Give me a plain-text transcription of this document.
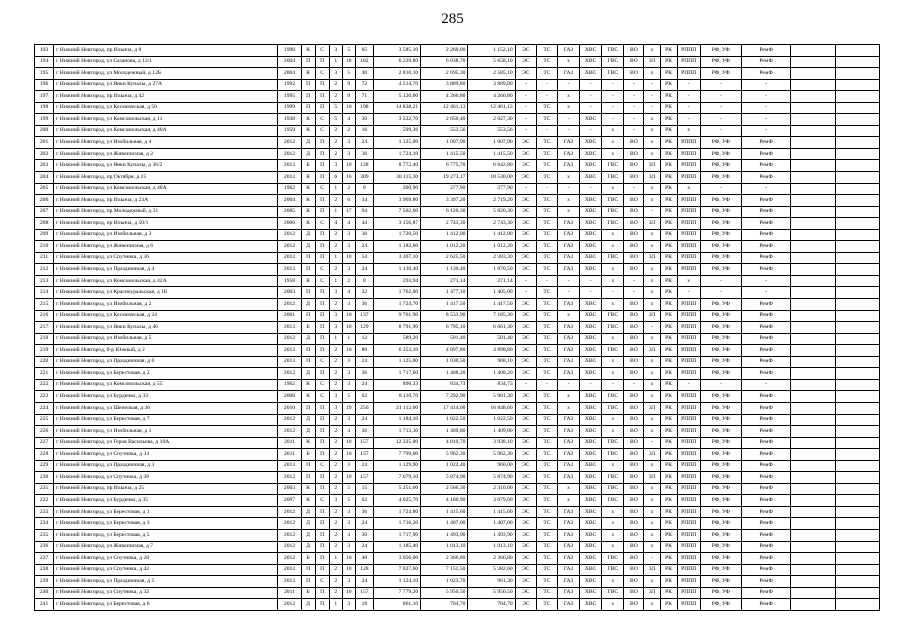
285
193	г Нижний Новгород, пр Ильича, д 8	1998	К	С	3	5	65	3 585,10	2 260,00	1 152,10	ЭС	ТС	ГАЗ	ХВС	ГВС	ВО	х	РК	РППП	РФ, УФ	РемФ		
194	г Нижний Новгород, ул Сазанова, д 13/1	2004	П	П	1	18	182	6 239,80	6 038,70	5 658,10	ЭС	ТС	х	ХВС	ГВС	ВО	ЗЛ	РК	РППП	РФ, УФ	РемФ		
195	г Нижний Новгород, ул Молодежный, д 12Б	2004	К	С	3	5	40	2 810,10	2 695,30	2 585,10	ЭС	ТС	ГАЗ	ХВС	ГВС	ВО	х	РК	РППП	РФ, УФ	РемФ		
196	г Нижний Новгород, ул Янки Купалы, д 27А	1992	П	П	2	9	72	4 514,70	3 889,80	3 889,80	-	-	-	-	-	-	-	РК	-	-	-		
197	г Нижний Новгород, пр Ильича, д 42	1995	П	П	2	9	71	5 126,00	4 266,80	4 266,80	-	-	х	-	-	-	-	РК	-	-	-		
198	г Нижний Новгород, ул Космическая, д 50	1999	П	П	5	10	198	14 838,21	12 461,13	12 461,13	-	ТС	х	-	-	-	-	РК	-	-	-		
199	г Нижний Новгород, ул Комсомольская, д 11	1938	К	С	5	4	30	3 222,70	2 650,40	2 027,30	-	ТС	-	ХВС	-	-	х	РК	-	-	-		
200	г Нижний Новгород, ул Комсомольская, д 40А	1959	К	С	2	2	16	599,36	553,56	553,56	-	-	-	-	х	-	х	РК	х	-	-		
201	г Нижний Новгород, ул Изобильная, д 4	2012	Д	П	2	3	24	1 125,00	1 007,90	1 007,90	ЭС	ТС	ГАЗ	ХВС	х	ВО	х	РК	РППП	РФ, УФ	РемФ		
202	г Нижний Новгород, ул Живописная, д 2	2012	Д	П	2	3	36	1 724,10	1 415,50	1 415,50	ЭС	ТС	ГАЗ	ХВС	х	ВО	х	РК	РППП	РФ, УФ	РемФ		
203	г Нижний Новгород, ул Янки Купалы, д 36/2	2013	Б	П	3	10	128	8 772,40	6 775,70	6 642,80	ЭС	ТС	ГАЗ	ХВС	ГВС	ВО	ЗЛ	РК	РППП	РФ, УФ	РемФ		
204	г Нижний Новгород, пр Октября, д 25	2012	К	П	6	16	309	30 115,30	19 273,17	18 530,00	ЭС	ТС	х	ХВС	ГВС	ВО	ЗЛ	РК	РППП	РФ, УФ	РемФ		
205	г Нижний Новгород, ул Комсомольская, д 40А	1962	К	С	1	2	8	300,90	277,90	277,90	-	-	-	-	х	-	х	РК	х	-	-		
206	г Нижний Новгород, пр Ильича, д 23А	2004	К	П	2	6	34	3 969,80	3 397,20	2 719,20	ЭС	ТС	х	ХВС	ГВС	ВО	х	РК	РППП	РФ, УФ	РемФ		
207	г Нижний Новгород, пр Молодежный, д 31	2005	К	П	1	17	94	7 502,60	6 120,30	5 820,30	ЭС	ТС	х	ХВС	ГВС	ВО	-	РК	РППП	РФ, УФ	РемФ		
208	г Нижний Новгород, пр Ильича, д 50/1	2006	К	С	4	4	44	3 156,87	2 743,30	2 743,30	ЭС	ТС	ГАЗ	ХВС	ГВС	ВО	ЗЛ	РК	РППП	РФ, УФ	РемФ		
209	г Нижний Новгород, ул Изобильная, д 3	2012	Д	П	2	3	36	1 720,50	1 412,00	1 412,00	ЭС	ТС	ГАЗ	ХВС	х	ВО	х	РК	РППП	РФ, УФ	РемФ		
210	г Нижний Новгород, ул Живописная, д 6	2012	Д	П	2	3	24	1 182,60	1 012,20	1 012,20	ЭС	ТС	ГАЗ	ХВС	х	ВО	х	РК	РППП	РФ, УФ	РемФ		
211	г Нижний Новгород, ул Спутника, д 36	2012	П	П	1	10	54	3 367,10	2 625,50	2 383,30	ЭС	ТС	ГАЗ	ХВС	ГВС	ВО	ЗЛ	РК	РППП	РФ, УФ	РемФ		
212	г Нижний Новгород, ул Праздничная, д 4	2013	П	С	2	3	24	1 130,40	1 130,40	1 070,50	ЭС	ТС	ГАЗ	ХВС	х	ВО	х	РК	РППП	РФ, УФ	РемФ		
213	г Нижний Новгород, ул Комсомольская, д 42А	1958	К	С	1	2	8	293,94	271,14	271,14	-	-	-	-	х	-	х	РК	х	-	-		
214	г Нижний Новгород, ул Красноуральская, д 1Б	2003	П	П	3	4	32	1 762,00	1 477,10	1 405,00	-	ТС	-	-	-	-	х	РК	-	-	-		
215	г Нижний Новгород, ул Изобильная, д 2	2012	Д	П	2	3	36	1 724,70	1 417,50	1 417,50	ЭС	ТС	ГАЗ	ХВС	х	ВО	х	РК	РППП	РФ, УФ	РемФ		
216	г Нижний Новгород, ул Космическая, д 24	2001	П	П	3	10	137	9 761,90	8 533,90	7 185,30	ЭС	ТС	х	ХВС	ГВС	ВО	ЗЛ	РК	РППП	РФ, УФ	РемФ		
217	г Нижний Новгород, ул Янки Купалы, д 46	2013	Б	П	3	10	129	8 791,90	6 795,10	6 661,30	ЭС	ТС	ГАЗ	ХВС	ГВС	ВО	-	РК	РППП	РФ, УФ	РемФ		
218	г Нижний Новгород, ул Изобильная, д 5	2012	Д	П	1	1	12	589,20	501,40	501,40	ЭС	ТС	ГАЗ	ХВС	х	ВО	х	РК	РППП	РФ, УФ	РемФ		
219	г Нижний Новгород, б-р Южный, д 2	2013	П	П	2	10	80	6 353,10	4 897,80	4 898,80	ЭС	ТС	ГАЗ	ХВС	ГВС	ВО	ЗЛ	РК	РППП	РФ, УФ	РемФ		
220	г Нижний Новгород, ул Праздничная, д 6	2013	П	С	2	3	24	1 125,00	1 030,50	968,10	ЭС	ТС	ГАЗ	ХВС	х	ВО	х	РК	РППП	РФ, УФ	РемФ		
221	г Нижний Новгород, ул Берестовая, д 2	2012	Д	П	2	3	36	1 717,60	1 408,20	1 408,20	ЭС	ТС	ГАЗ	ХВС	х	ВО	х	РК	РППП	РФ, УФ	РемФ		
222	г Нижний Новгород, ул Комсомольская, д 55	1962	К	С	2	3	24	896,33	834,73	834,73	-	-	-	-	-	-	х	РК	-	-	-		
223	г Нижний Новгород, ул Бурденко, д 33	2008	К	С	3	5	62	8 110,70	7 292,90	5 901,30	ЭС	ТС	х	ХВС	ГВС	ВО	х	РК	РППП	РФ, УФ	РемФ		
224	г Нижний Новгород, ул Шепелкая, д 36	2010	П	П	3	19	256	21 112,00	17 414,00	16 848,60	ЭС	ТС	х	ХВС	ГВС	ВО	ЗЛ	РК	РППП	РФ, УФ	РемФ		
225	г Нижний Новгород, ул Берестовая, д 7	2012	Д	П	2	3	24	1 184,10	1 022,50	1 022,50	ЭС	ТС	ГАЗ	ХВС	х	ВО	х	РК	РППП	РФ, УФ	РемФ		
226	г Нижний Новгород, ул Изобильная, д 1	2012	Д	П	2	3	36	1 713,30	1 409,80	1 409,80	ЭС	ТС	ГАЗ	ХВС	х	ВО	х	РК	РППП	РФ, УФ	РемФ		
227	г Нижний Новгород, ул Героя Васильева, д 10А	2011	К	П	2	10	157	12 325,00	4 810,70	3 938,10	ЭС	ТС	ГАЗ	ХВС	ГВС	ВО	-	РК	РППП	РФ, УФ	РемФ		
228	г Нижний Новгород, ул Спутника, д 34	2011	Б	П	2	10	157	7 799,00	5 962,30	5 962,30	ЭС	ТС	ГАЗ	ХВС	ГВС	ВО	ЗЛ	РК	РППП	РФ, УФ	РемФ		
229	г Нижний Новгород, ул Праздничная, д 3	2013	П	С	2	3	24	1 129,90	1 022,40	960,00	ЭС	ТС	ГАЗ	ХВС	х	ВО	х	РК	РППП	РФ, УФ	РемФ		
230	г Нижний Новгород, ул Спутника, д 38	2012	П	П	2	10	157	7 679,10	5 874,90	5 874,90	ЭС	ТС	ГАЗ	ХВС	ГВС	ВО	ЗЛ	РК	РППП	РФ, УФ	РемФ		
231	г Нижний Новгород, пр Ильича, д 25	2003	К	П	2	5	15	5 251,00	2 566,30	2 310,00	ЭС	ТС	х	ХВС	ГВС	ВО	х	РК	РППП	РФ, УФ	РемФ		
232	г Нижний Новгород, ул Бурденко, д 35	2007	К	С	3	5	62	4 025,70	4 160,90	3 079,60	ЭС	ТС	х	ХВС	ГВС	ВО	х	РК	РППП	РФ, УФ	РемФ		
233	г Нижний Новгород, ул Берестовая, д 1	2012	Д	П	2	3	36	1 724,80	1 415,60	1 415,60	ЭС	ТС	ГАЗ	ХВС	х	ВО	х	РК	РППП	РФ, УФ	РемФ		
234	г Нижний Новгород, ул Берестовая, д 3	2012	Д	П	2	3	24	1 716,20	1 407,00	1 407,00	ЭС	ТС	ГАЗ	ХВС	х	ВО	х	РК	РППП	РФ, УФ	РемФ		
235	г Нижний Новгород, ул Берестовая, д 5	2012	Д	П	2	3	30	1 717,90	1 493,90	1 493,90	ЭС	ТС	ГАЗ	ХВС	х	ВО	х	РК	РППП	РФ, УФ	РемФ		
236	г Нижний Новгород, ул Живописная, д 7	2012	Д	П	2	3	24	1 185,40	1 013,10	1 013,10	ЭС	ТС	ГАЗ	ХВС	х	ВО	х	РК	РППП	РФ, УФ	РемФ		
237	г Нижний Новгород, ул Спутника, д 28	2012	Б	П	1	10	40	3 056,00	2 366,80	2 366,80	ЭС	ТС	ГАЗ	ХВС	ГВС	ВО	-	РК	РППП	РФ, УФ	РемФ		
238	г Нижний Новгород, ул Спутника, д 42	2012	П	П	2	10	128	7 027,60	7 151,50	5 382,60	ЭС	ТС	ГАЗ	ХВС	ГВС	ВО	ЗЛ	РК	РППП	РФ, УФ	РемФ		
239	г Нижний Новгород, ул Праздничная, д 5	2013	П	С	2	3	24	1 124,10	1 023,70	961,30	ЭС	ТС	ГАЗ	ХВС	х	ВО	х	РК	РППП	РФ, УФ	РемФ		
240	г Нижний Новгород, ул Спутника, д 32	2011	Б	П	2	10	157	7 779,20	5 950,50	5 950,50	ЭС	ТС	ГАЗ	ХВС	ГВС	ВО	ЗЛ	РК	РППП	РФ, УФ	РемФ		
241	г Нижний Новгород, ул Берестовая, д 6	2012	Д	П	1	3	18	861,10	704,70	704,70	ЭС	ТС	ГАЗ	ХВС	х	ВО	х	РК	РППП	РФ, УФ	РемФ		
